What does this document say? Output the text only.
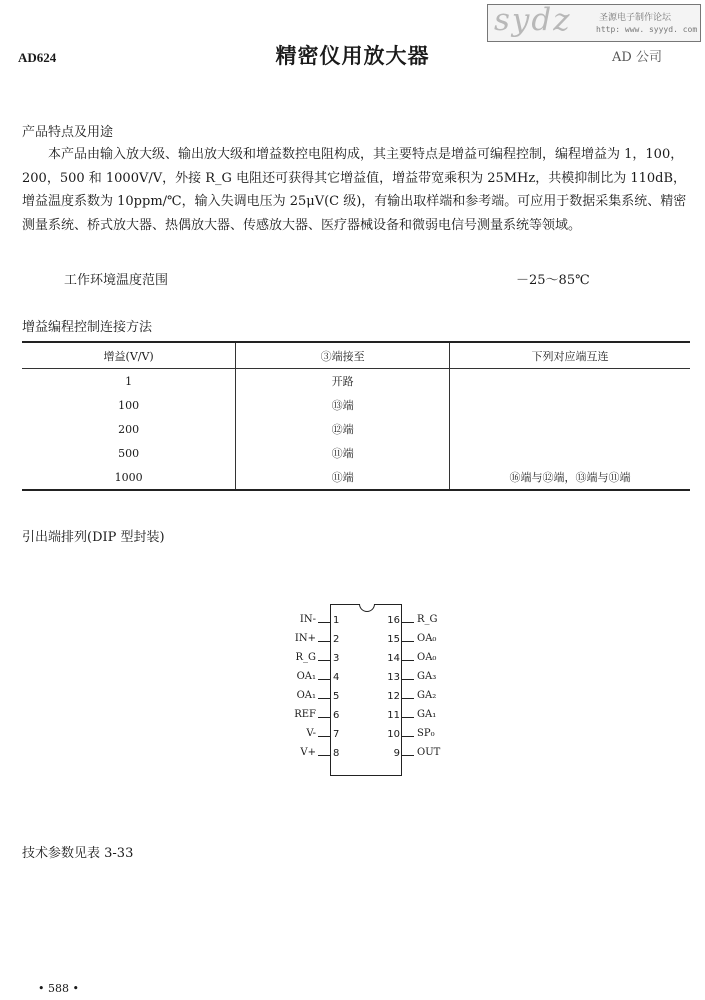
AD624	精密仪用放大器
sydz	圣源电子制作论坛
http: www. syyyd. com
AD 公司
产品特点及用途

本产品由输入放大级、输出放大级和增益数控电阻构成，其主要特点是增益可编程控制，编程增益为 1，100，200，500 和 1000V/V，外接 R_G 电阻还可获得其它增益值，增益带宽乘积为 25MHz，共模抑制比为 110dB，增益温度系数为 10ppm/℃，输入失调电压为 25μV(C 级)，有输出取样端和参考端。可应用于数据采集系统、精密测量系统、桥式放大器、热偶放大器、传感放大器、医疗器械设备和微弱电信号测量系统等领域。

工作环境温度范围	－25～85℃
增益编程控制连接方法
增益(V/V)	③端接至	下列对应端互连
1	开路	
100	⑬端	
200	⑫端	
500	⑪端	
1000	⑪端	⑯端与⑫端，⑬端与⑪端
引出端排列(DIP 型封装)
IN- 1
IN+ 2
R_G 3
OA₁ 4
OA₁ 5
REF 6
V- 7
V+ 8
R_G
16
OA₀
15
OA₀
14
GA₃
13
GA₂
12
GA₁
11
SP₀
10
OUT
9
技术参数见表 3-33
• 588 •
